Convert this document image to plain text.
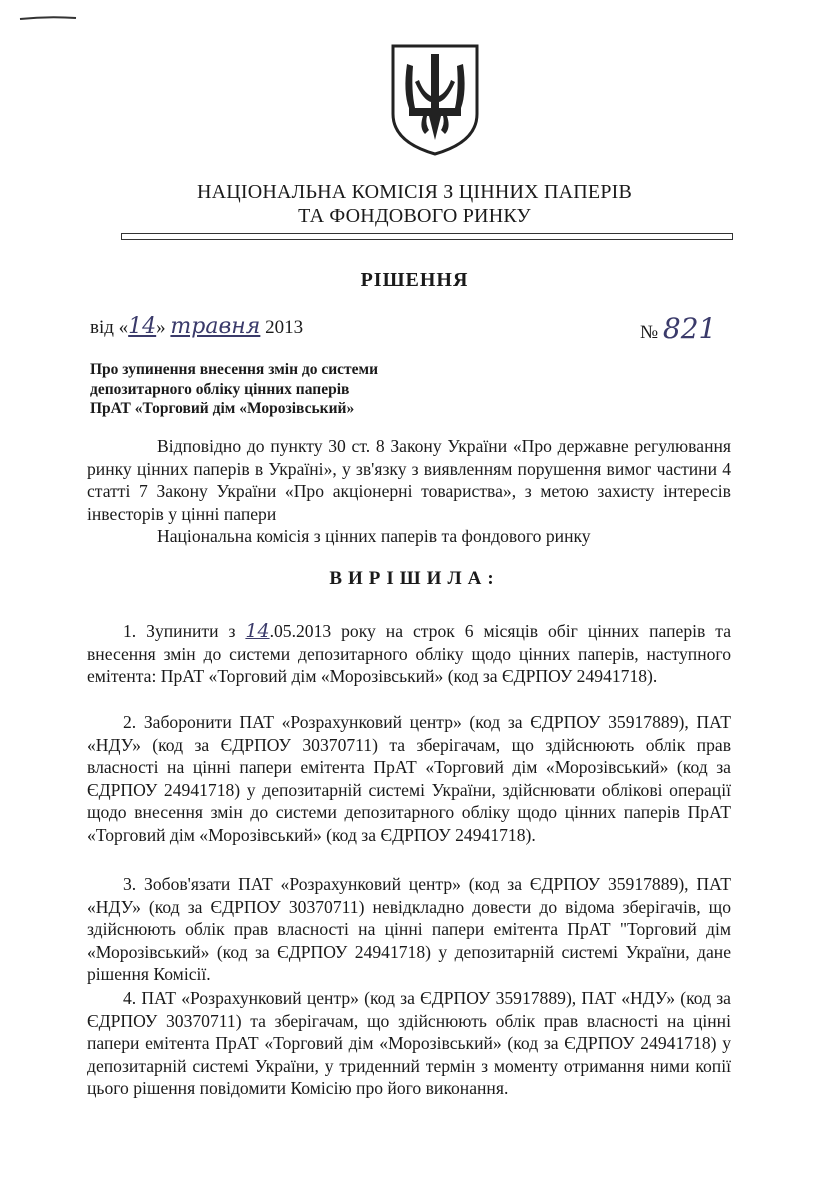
НАЦІОНАЛЬНА КОМІСІЯ З ЦІННИХ ПАПЕРІВ
ТА ФОНДОВОГО РИНКУ
РІШЕННЯ
від «14» травня 2013	№ 821
Про зупинення внесення змін до системи
депозитарного обліку цінних паперів
ПрАТ «Торговий дім «Морозівський»
Відповідно до пункту 30 ст. 8 Закону України «Про державне регулювання ринку цінних паперів в Україні», у зв'язку з виявленням порушення вимог частини 4 статті 7 Закону України «Про акціонерні товариства», з метою захисту інтересів інвесторів у цінні папери
Національна комісія з цінних паперів та фондового ринку
ВИРІШИЛА:
1. Зупинити з 14.05.2013 року на строк 6 місяців обіг цінних паперів та внесення змін до системи депозитарного обліку щодо цінних паперів, наступного емітента: ПрАТ «Торговий дім «Морозівський» (код за ЄДРПОУ 24941718).
2. Заборонити ПАТ «Розрахунковий центр» (код за ЄДРПОУ 35917889), ПАТ «НДУ» (код за ЄДРПОУ 30370711) та зберігачам, що здійснюють облік прав власності на цінні папери емітента ПрАТ «Торговий дім «Морозівський» (код за ЄДРПОУ 24941718) у депозитарній системі України, здійснювати облікові операції щодо внесення змін до системи депозитарного обліку щодо цінних паперів ПрАТ «Торговий дім «Морозівський» (код за ЄДРПОУ 24941718).
3. Зобов'язати ПАТ «Розрахунковий центр» (код за ЄДРПОУ 35917889), ПАТ «НДУ» (код за ЄДРПОУ 30370711) невідкладно довести до відома зберігачів, що здійснюють облік прав власності на цінні папери емітента ПрАТ "Торговий дім «Морозівський» (код за ЄДРПОУ 24941718) у депозитарній системі України, дане рішення Комісії.
4. ПАТ «Розрахунковий центр» (код за ЄДРПОУ 35917889), ПАТ «НДУ» (код за ЄДРПОУ 30370711) та зберігачам, що здійснюють облік прав власності на цінні папери емітента ПрАТ «Торговий дім «Морозівський» (код за ЄДРПОУ 24941718) у депозитарній системі України, у триденний термін з моменту отримання ними копії цього рішення повідомити Комісію про його виконання.
